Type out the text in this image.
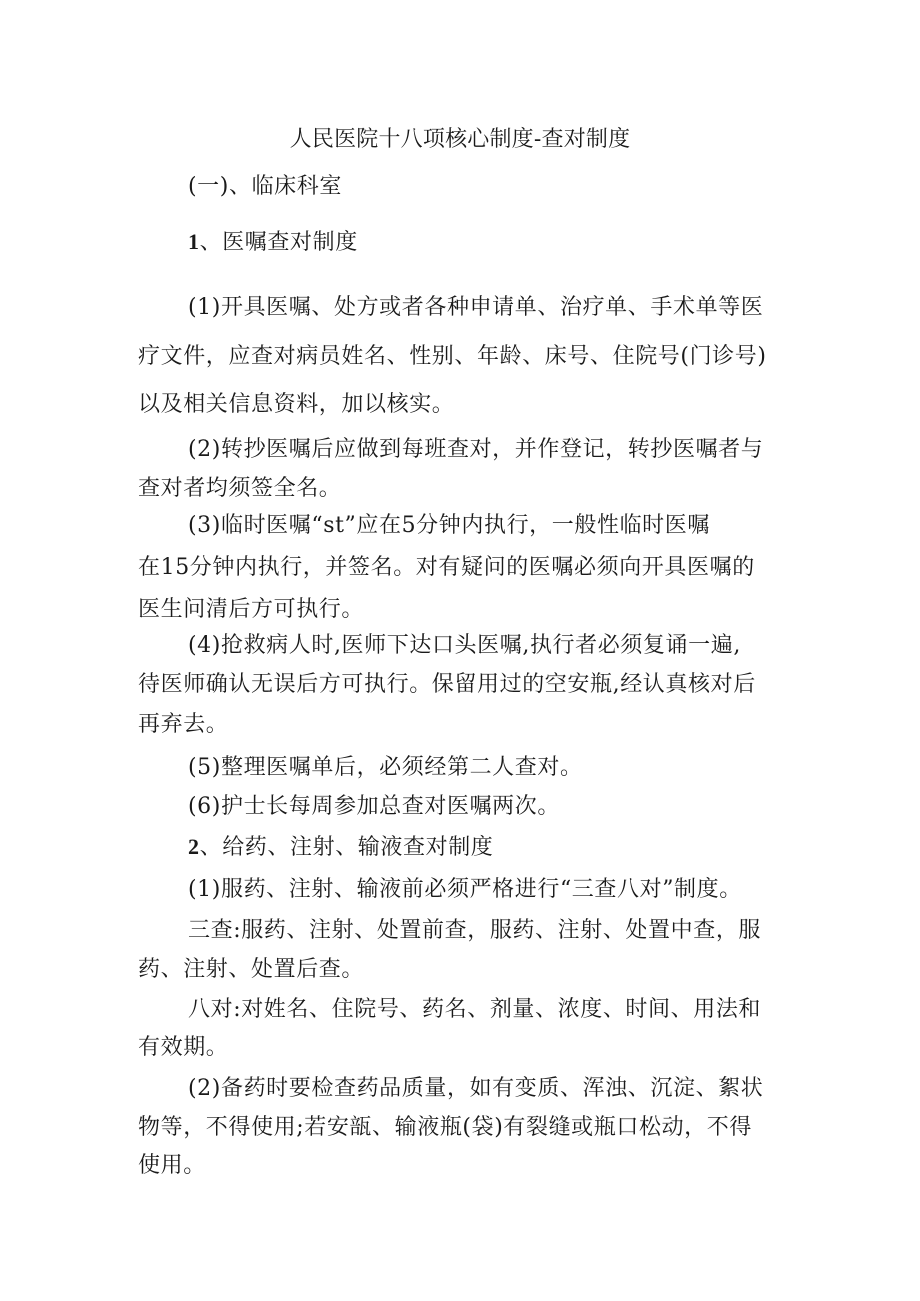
人民医院十八项核心制度-查对制度
(一)、临床科室
1、医嘱查对制度
(1)开具医嘱、处方或者各种申请单、治疗单、手术单等医
疗文件，应查对病员姓名、性别、年龄、床号、住院号(门诊号)
以及相关信息资料，加以核实。
(2)转抄医嘱后应做到每班查对，并作登记，转抄医嘱者与
查对者均须签全名。
(3)临时医嘱“st”应在5分钟内执行，一般性临时医嘱
在15分钟内执行，并签名。对有疑问的医嘱必须向开具医嘱的
医生问清后方可执行。
(4)抢救病人时,医师下达口头医嘱,执行者必须复诵一遍,
待医师确认无误后方可执行。保留用过的空安瓶,经认真核对后
再弃去。
(5)整理医嘱单后，必须经第二人查对。
(6)护士长每周参加总查对医嘱两次。
2、给药、注射、输液查对制度
(1)服药、注射、输液前必须严格进行“三查八对”制度。
三查:服药、注射、处置前查，服药、注射、处置中查，服
药、注射、处置后查。
八对:对姓名、住院号、药名、剂量、浓度、时间、用法和
有效期。
(2)备药时要检查药品质量，如有变质、浑浊、沉淀、絮状
物等，不得使用;若安瓿、输液瓶(袋)有裂缝或瓶口松动，不得
使用。
